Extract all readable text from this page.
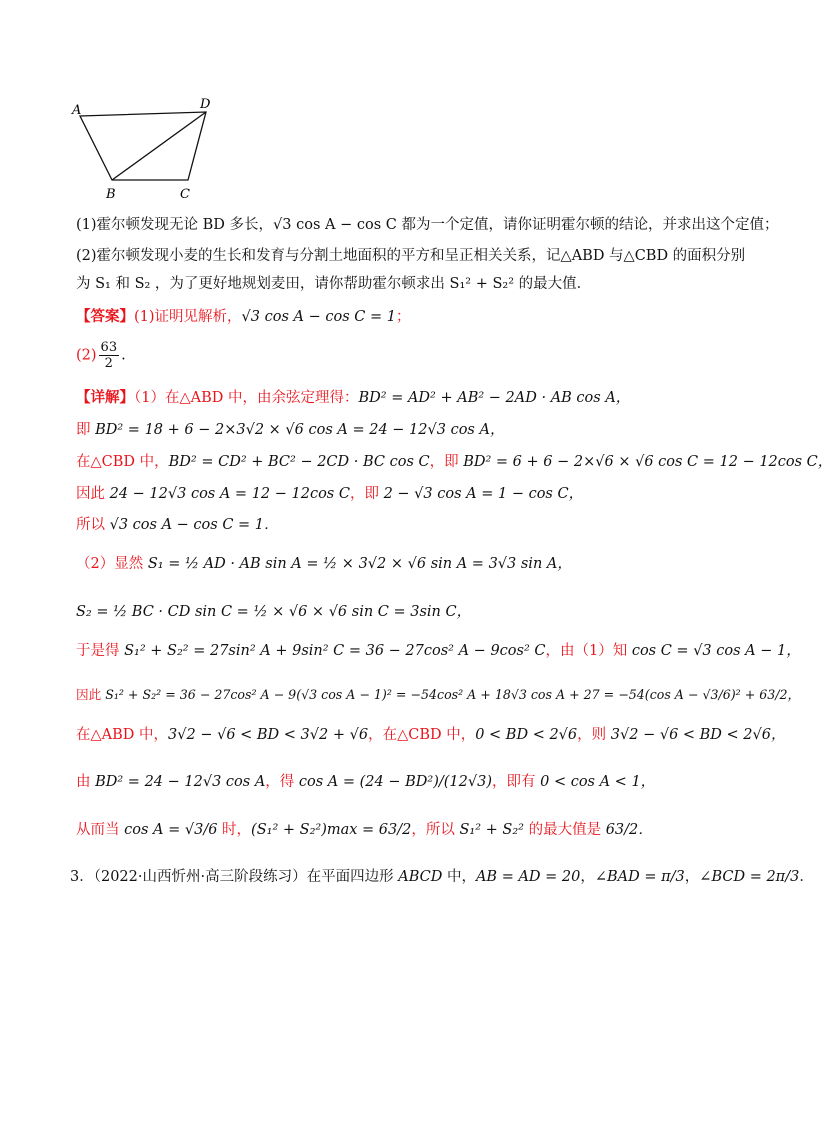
A	D
B	C
(1)霍尔顿发现无论 BD 多长，√3 cos A − cos C 都为一个定值，请你证明霍尔顿的结论，并求出这个定值；
(2)霍尔顿发现小麦的生长和发育与分割土地面积的平方和呈正相关关系，记△ABD 与△CBD 的面积分别
为 S₁ 和 S₂ ，为了更好地规划麦田，请你帮助霍尔顿求出 S₁² + S₂² 的最大值．
【答案】(1)证明见解析，√3 cos A − cos C = 1；
$(2) \frac{63}{2}$ .
【详解】（1）在△ABD 中，由余弦定理得：BD² = AD² + AB² − 2AD · AB cos A，
即 BD² = 18 + 6 − 2×3√2 × √6 cos A = 24 − 12√3 cos A，
在△CBD 中，BD² = CD² + BC² − 2CD · BC cos C，即 BD² = 6 + 6 − 2×√6 × √6 cos C = 12 − 12cos C，
因此 24 − 12√3 cos A = 12 − 12cos C，即 2 − √3 cos A = 1 − cos C，
所以 √3 cos A − cos C = 1．
（2）显然 S₁ = ½ AD · AB sin A = ½ × 3√2 × √6 sin A = 3√3 sin A，
S₂ = ½ BC · CD sin C = ½ × √6 × √6 sin C = 3sin C，
于是得 S₁² + S₂² = 27sin² A + 9sin² C = 36 − 27cos² A − 9cos² C，由（1）知 cos C = √3 cos A − 1，
因此 S₁² + S₂² = 36 − 27cos² A − 9(√3 cos A − 1)² = −54cos² A + 18√3 cos A + 27 = −54(cos A − √3/6)² + 63/2，
在△ABD 中，3√2 − √6 < BD < 3√2 + √6，在△CBD 中，0 < BD < 2√6，则 3√2 − √6 < BD < 2√6，
由 BD² = 24 − 12√3 cos A，得 cos A = (24 − BD²)/(12√3)，即有 0 < cos A < 1，
从而当 cos A = √3/6 时，(S₁² + S₂²)max = 63/2，所以 S₁² + S₂² 的最大值是 63/2．
3．（2022·山西忻州·高三阶段练习）在平面四边形 ABCD 中，AB = AD = 20，∠BAD = π/3，∠BCD = 2π/3．
